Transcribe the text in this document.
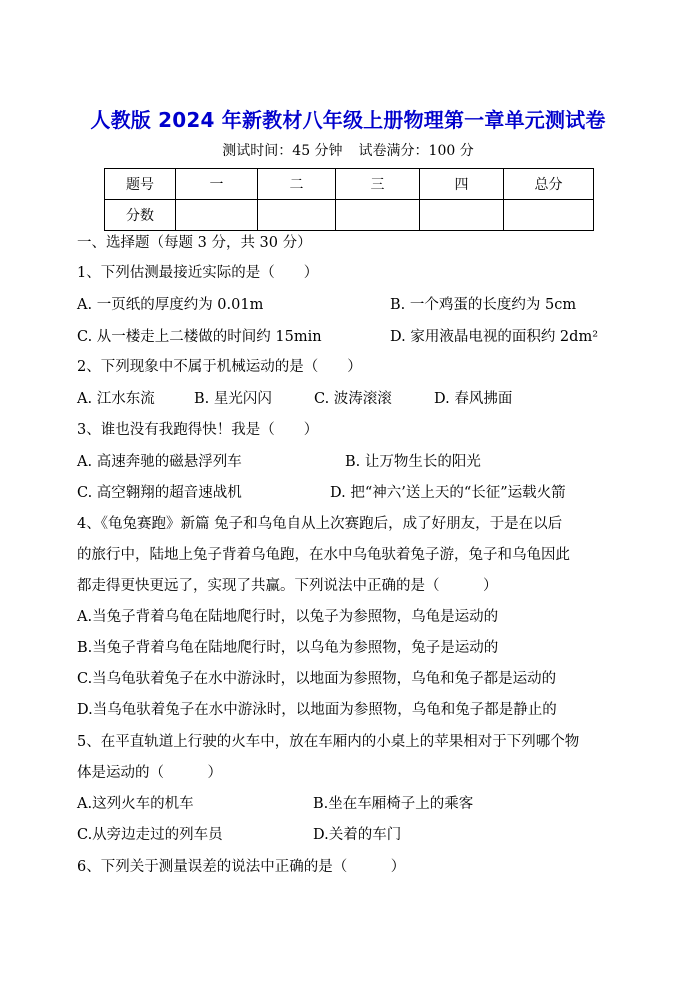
人教版 2024 年新教材八年级上册物理第一章单元测试卷
测试时间：45 分钟 试卷满分：100 分
题号	一	二	三	四	总分
分数					
一、选择题（每题 3 分，共 30 分）
1、下列估测最接近实际的是（　　）
A. 一页纸的厚度约为 0.01m	B. 一个鸡蛋的长度约为 5cm
C. 从一楼走上二楼做的时间约 15min	D. 家用液晶电视的面积约 2dm²
2、下列现象中不属于机械运动的是（　　）
A. 江水东流	B. 星光闪闪	C. 波涛滚滚	D. 春风拂面
3、谁也没有我跑得快！我是（　　）
A. 高速奔驰的磁悬浮列车	B. 让万物生长的阳光
C. 高空翱翔的超音速战机	D. 把“神六’送上天的“长征”运载火箭
4、《龟兔赛跑》新篇 兔子和乌龟自从上次赛跑后，成了好朋友，于是在以后
的旅行中，陆地上兔子背着乌龟跑，在水中乌龟驮着兔子游，兔子和乌龟因此
都走得更快更远了，实现了共赢。下列说法中正确的是（　　　）
A.当兔子背着乌龟在陆地爬行时，以兔子为参照物，乌龟是运动的
B.当兔子背着乌龟在陆地爬行时，以乌龟为参照物，兔子是运动的
C.当乌龟驮着兔子在水中游泳时，以地面为参照物，乌龟和兔子都是运动的
D.当乌龟驮着兔子在水中游泳时，以地面为参照物，乌龟和兔子都是静止的
5、在平直轨道上行驶的火车中，放在车厢内的小桌上的苹果相对于下列哪个物
体是运动的（　　　）
A.这列火车的机车	B.坐在车厢椅子上的乘客
C.从旁边走过的列车员	D.关着的车门
6、下列关于测量误差的说法中正确的是（　　　）
